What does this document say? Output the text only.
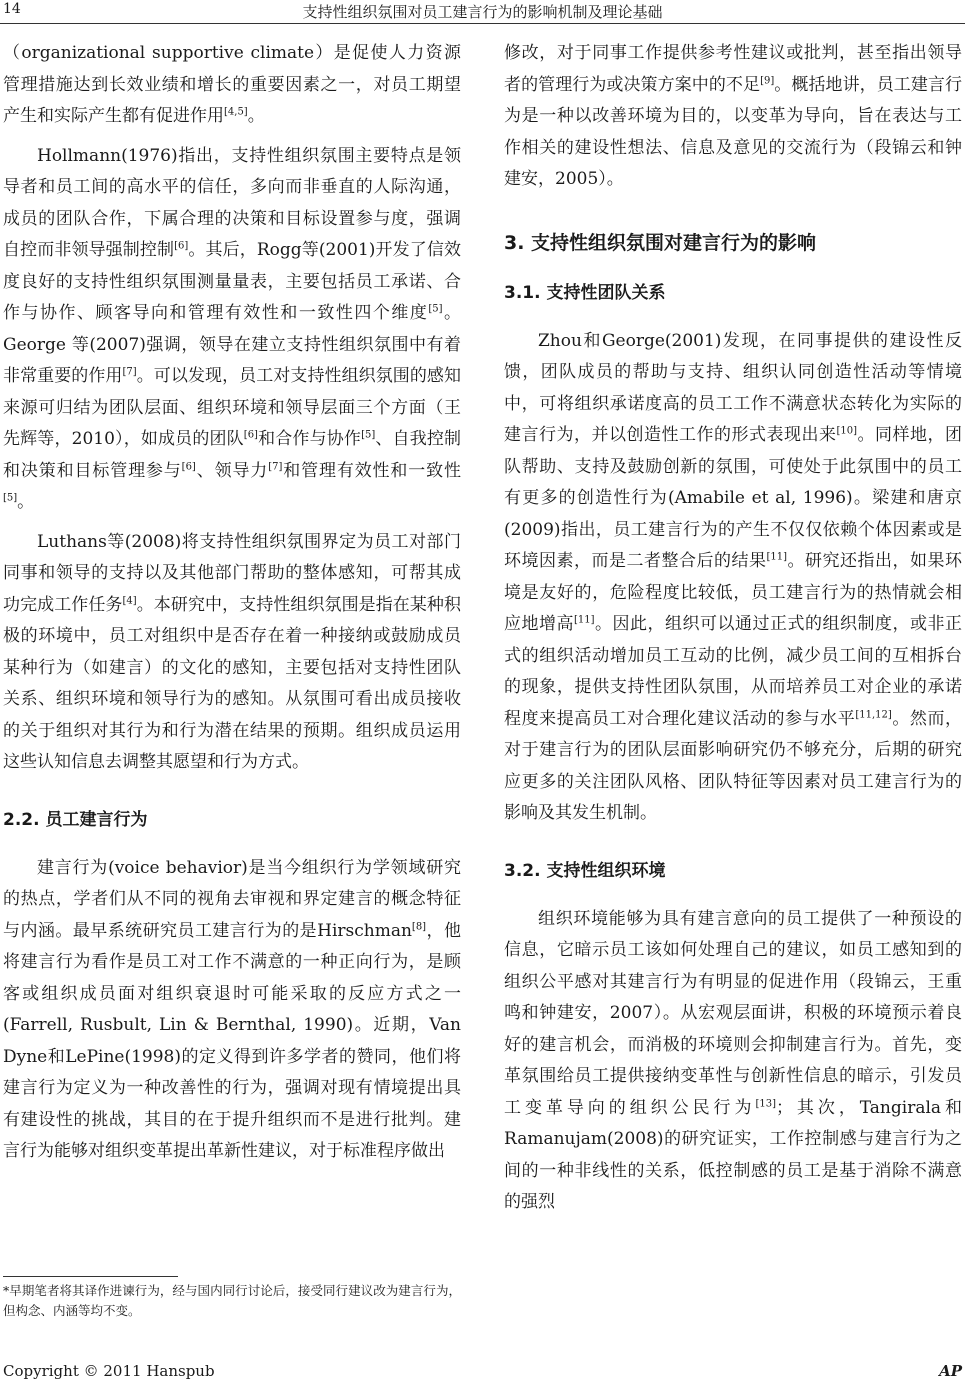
14	支持性组织氛围对员工建言行为的影响机制及理论基础

（organizational supportive climate）是促使人力资源管理措施达到长效业绩和增长的重要因素之一，对员工期望产生和实际产生都有促进作用[4,5]。

Hollmann(1976)指出，支持性组织氛围主要特点是领导者和员工间的高水平的信任，多向而非垂直的人际沟通，成员的团队合作，下属合理的决策和目标设置参与度，强调自控而非领导强制控制[6]。其后，Rogg等(2001)开发了信效度良好的支持性组织氛围测量量表，主要包括员工承诺、合作与协作、顾客导向和管理有效性和一致性四个维度[5]。George 等(2007)强调，领导在建立支持性组织氛围中有着非常重要的作用[7]。可以发现，员工对支持性组织氛围的感知来源可归结为团队层面、组织环境和领导层面三个方面（王先辉等，2010），如成员的团队[6]和合作与协作[5]、自我控制和决策和目标管理参与[6]、领导力[7]和管理有效性和一致性[5]。

Luthans等(2008)将支持性组织氛围界定为员工对部门同事和领导的支持以及其他部门帮助的整体感知，可帮其成功完成工作任务[4]。本研究中，支持性组织氛围是指在某种积极的环境中，员工对组织中是否存在着一种接纳或鼓励成员某种行为（如建言）的文化的感知，主要包括对支持性团队关系、组织环境和领导行为的感知。从氛围可看出成员接收的关于组织对其行为和行为潜在结果的预期。组织成员运用这些认知信息去调整其愿望和行为方式。

2.2. 员工建言行为

建言行为(voice behavior)是当今组织行为学领域研究的热点，学者们从不同的视角去审视和界定建言的概念特征与内涵。最早系统研究员工建言行为的是Hirschman[8]，他将建言行为看作是员工对工作不满意的一种正向行为，是顾客或组织成员面对组织衰退时可能采取的反应方式之一(Farrell, Rusbult, Lin & Bernthal, 1990)。近期，Van Dyne和LePine(1998)的定义得到许多学者的赞同，他们将建言行为定义为一种改善性的行为，强调对现有情境提出具有建设性的挑战，其目的在于提升组织而不是进行批判。建言行为能够对组织变革提出革新性建议，对于标准程序做出

修改，对于同事工作提供参考性建议或批判，甚至指出领导者的管理行为或决策方案中的不足[9]。概括地讲，员工建言行为是一种以改善环境为目的，以变革为导向，旨在表达与工作相关的建设性想法、信息及意见的交流行为（段锦云和钟建安，2005）。

3. 支持性组织氛围对建言行为的影响
3.1. 支持性团队关系

Zhou和George(2001)发现，在同事提供的建设性反馈，团队成员的帮助与支持、组织认同创造性活动等情境中，可将组织承诺度高的员工工作不满意状态转化为实际的建言行为，并以创造性工作的形式表现出来[10]。同样地，团队帮助、支持及鼓励创新的氛围，可使处于此氛围中的员工有更多的创造性行为(Amabile et al, 1996)。梁建和唐京(2009)指出，员工建言行为的产生不仅仅依赖个体因素或是环境因素，而是二者整合后的结果[11]。研究还指出，如果环境是友好的，危险程度比较低，员工建言行为的热情就会相应地增高[11]。因此，组织可以通过正式的组织制度，或非正式的组织活动增加员工互动的比例，减少员工间的互相拆台的现象，提供支持性团队氛围，从而培养员工对企业的承诺程度来提高员工对合理化建议活动的参与水平[11,12]。然而，对于建言行为的团队层面影响研究仍不够充分，后期的研究应更多的关注团队风格、团队特征等因素对员工建言行为的影响及其发生机制。

3.2. 支持性组织环境

组织环境能够为具有建言意向的员工提供了一种预设的信息，它暗示员工该如何处理自己的建议，如员工感知到的组织公平感对其建言行为有明显的促进作用（段锦云，王重鸣和钟建安，2007）。从宏观层面讲，积极的环境预示着良好的建言机会，而消极的环境则会抑制建言行为。首先，变革氛围给员工提供接纳变革性与创新性信息的暗示，引发员工变革导向的组织公民行为[13]；其次，Tangirala和Ramanujam(2008)的研究证实，工作控制感与建言行为之间的一种非线性的关系，低控制感的员工是基于消除不满意的强烈

*早期笔者将其译作进谏行为，经与国内同行讨论后，接受同行建议改为建言行为，但构念、内涵等均不变。
Copyright © 2011 Hanspub	AP
